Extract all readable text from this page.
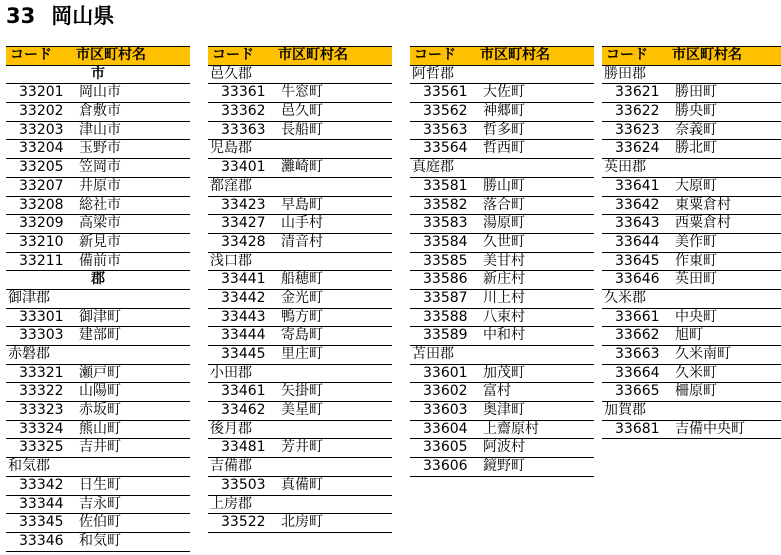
33 岡山県
コード 市区町村名
市
33201 岡山市
33202 倉敷市
33203 津山市
33204 玉野市
33205 笠岡市
33207 井原市
33208 総社市
33209 高梁市
33210 新見市
33211 備前市
郡
御津郡
33301 御津町
33303 建部町
赤磐郡
33321 瀬戸町
33322 山陽町
33323 赤坂町
33324 熊山町
33325 吉井町
和気郡
33342 日生町
33344 吉永町
33345 佐伯町
33346 和気町
コード 市区町村名
邑久郡
33361 牛窓町
33362 邑久町
33363 長船町
児島郡
33401 灘崎町
都窪郡
33423 早島町
33427 山手村
33428 清音村
浅口郡
33441 船穂町
33442 金光町
33443 鴨方町
33444 寄島町
33445 里庄町
小田郡
33461 矢掛町
33462 美星町
後月郡
33481 芳井町
吉備郡
33503 真備町
上房郡
33522 北房町
コード 市区町村名
阿哲郡
33561 大佐町
33562 神郷町
33563 哲多町
33564 哲西町
真庭郡
33581 勝山町
33582 落合町
33583 湯原町
33584 久世町
33585 美甘村
33586 新庄村
33587 川上村
33588 八束村
33589 中和村
苫田郡
33601 加茂町
33602 富村
33603 奥津町
33604 上齋原村
33605 阿波村
33606 鏡野町
コード 市区町村名
勝田郡
33621 勝田町
33622 勝央町
33623 奈義町
33624 勝北町
英田郡
33641 大原町
33642 東粟倉村
33643 西粟倉村
33644 美作町
33645 作東町
33646 英田町
久米郡
33661 中央町
33662 旭町
33663 久米南町
33664 久米町
33665 柵原町
加賀郡
33681 吉備中央町
